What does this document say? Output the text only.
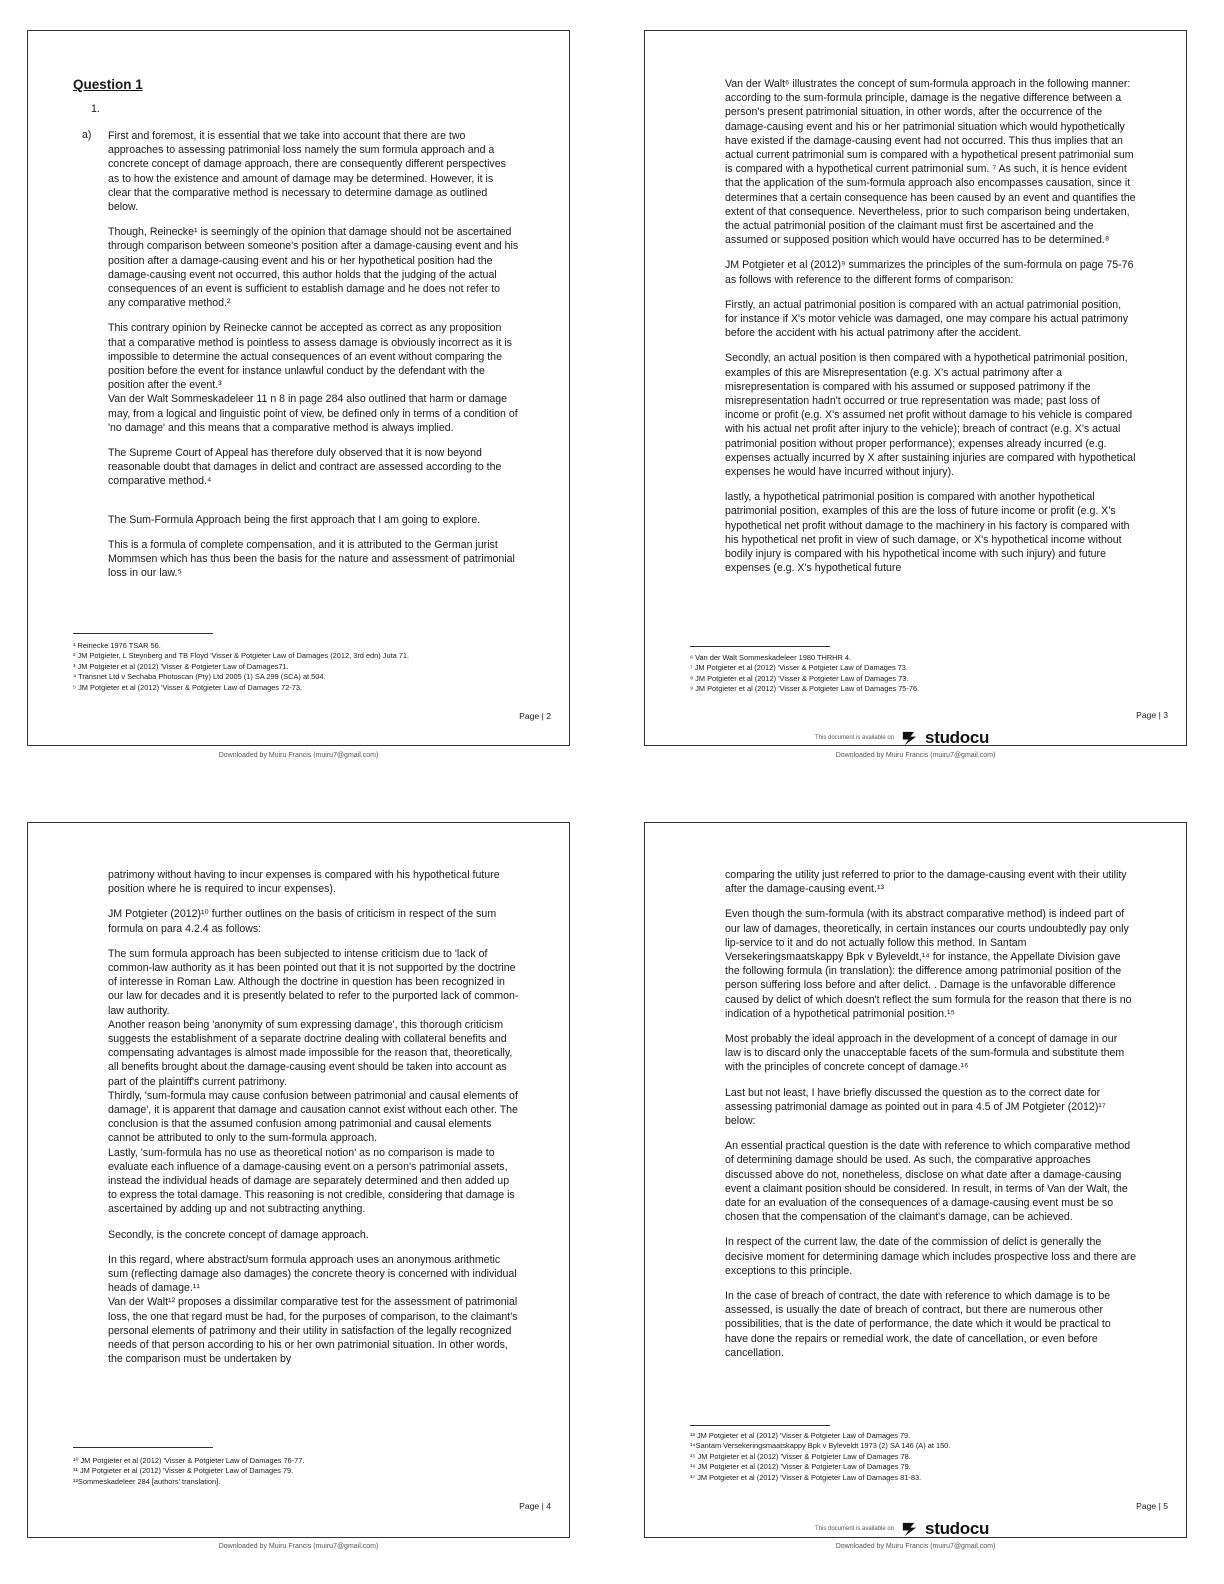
Question 1
1.
a) First and foremost, it is essential that we take into account that there are two approaches to assessing patrimonial loss namely the sum formula approach and a concrete concept of damage approach, there are consequently different perspectives as to how the existence and amount of damage may be determined. However, it is clear that the comparative method is necessary to determine damage as outlined below.

Though, Reinecke¹ is seemingly of the opinion that damage should not be ascertained through comparison between someone's position after a damage-causing event and his position after a damage-causing event and his or her hypothetical position had the damage-causing event not occurred, this author holds that the judging of the actual consequences of an event is sufficient to establish damage and he does not refer to any comparative method.²

This contrary opinion by Reinecke cannot be accepted as correct as any proposition that a comparative method is pointless to assess damage is obviously incorrect as it is impossible to determine the actual consequences of an event without comparing the position before the event for instance unlawful conduct by the defendant with the position after the event.³

Van der Walt Sommeskadeleer 11 n 8 in page 284 also outlined that harm or damage may, from a logical and linguistic point of view, be defined only in terms of a condition of 'no damage' and this means that a comparative method is always implied.

The Supreme Court of Appeal has therefore duly observed that it is now beyond reasonable doubt that damages in delict and contract are assessed according to the comparative method.⁴

The Sum-Formula Approach being the first approach that I am going to explore.

This is a formula of complete compensation, and it is attributed to the German jurist Mommsen which has thus been the basis for the nature and assessment of patrimonial loss in our law.⁵

¹ Reinecke 1976 TSAR 56.
² JM Potgieter, L Steynberg and TB Floyd 'Visser & Potgieter Law of Damages (2012, 3rd edn) Juta 71.
³ JM Potgieter et al (2012) 'Visser & Potgieter Law of Damages71.
⁴ Transnet Ltd v Sechaba Photoscan (Pty) Ltd 2005 (1) SA 299 (SCA) at 504.
⁵ JM Potgieter et al (2012) 'Visser & Potgieter Law of Damages 72-73.
Page | 2
Downloaded by Muiru Francis (muiru7@gmail.com)

Van der Walt⁶ illustrates the concept of sum-formula approach in the following manner: according to the sum-formula principle, damage is the negative difference between a person's present patrimonial situation, in other words, after the occurrence of the damage-causing event and his or her patrimonial situation which would hypothetically have existed if the damage-causing event had not occurred. This thus implies that an actual current patrimonial sum is compared with a hypothetical present patrimonial sum is compared with a hypothetical current patrimonial sum. ⁷ As such, it is hence evident that the application of the sum-formula approach also encompasses causation, since it determines that a certain consequence has been caused by an event and quantifies the extent of that consequence. Nevertheless, prior to such comparison being undertaken, the actual patrimonial position of the claimant must first be ascertained and the assumed or supposed position which would have occurred has to be determined.⁸

JM Potgieter et al (2012)⁹ summarizes the principles of the sum-formula on page 75-76 as follows with reference to the different forms of comparison:

Firstly, an actual patrimonial position is compared with an actual patrimonial position, for instance if X's motor vehicle was damaged, one may compare his actual patrimony before the accident with his actual patrimony after the accident.

Secondly, an actual position is then compared with a hypothetical patrimonial position, examples of this are Misrepresentation (e.g. X's actual patrimony after a misrepresentation is compared with his assumed or supposed patrimony if the misrepresentation hadn't occurred or true representation was made; past loss of income or profit (e.g. X's assumed net profit without damage to his vehicle is compared with his actual net profit after injury to the vehicle); breach of contract (e.g. X's actual patrimonial position without proper performance); expenses already incurred (e.g. expenses actually incurred by X after sustaining injuries are compared with hypothetical expenses he would have incurred without injury).

lastly, a hypothetical patrimonial position is compared with another hypothetical patrimonial position, examples of this are the loss of future income or profit (e.g. X's hypothetical net profit without damage to the machinery in his factory is compared with his hypothetical net profit in view of such damage, or X's hypothetical income without bodily injury is compared with his hypothetical income with such injury) and future expenses (e.g. X's hypothetical future

⁶ Van der Walt Sommeskadeleer 1980 THRHR 4.
⁷ JM Potgieter et al (2012) 'Visser & Potgieter Law of Damages 73.
⁸ JM Potgieter et al (2012) 'Visser & Potgieter Law of Damages 73.
⁹ JM Potgieter et al (2012) 'Visser & Potgieter Law of Damages 75-76.
Page | 3
This document is available on studocu
Downloaded by Muiru Francis (muiru7@gmail.com)

patrimony without having to incur expenses is compared with his hypothetical future position where he is required to incur expenses).

JM Potgieter (2012)¹⁰ further outlines on the basis of criticism in respect of the sum formula on para 4.2.4 as follows:

The sum formula approach has been subjected to intense criticism due to 'lack of common-law authority as it has been pointed out that it is not supported by the doctrine of interesse in Roman Law. Although the doctrine in question has been recognized in our law for decades and it is presently belated to refer to the purported lack of common-law authority.

Another reason being 'anonymity of sum expressing damage', this thorough criticism suggests the establishment of a separate doctrine dealing with collateral benefits and compensating advantages is almost made impossible for the reason that, theoretically, all benefits brought about the damage-causing event should be taken into account as part of the plaintiff's current patrimony.

Thirdly, 'sum-formula may cause confusion between patrimonial and causal elements of damage', it is apparent that damage and causation cannot exist without each other. The conclusion is that the assumed confusion among patrimonial and causal elements cannot be attributed to only to the sum-formula approach.

Lastly, 'sum-formula has no use as theoretical notion' as no comparison is made to evaluate each influence of a damage-causing event on a person's patrimonial assets, instead the individual heads of damage are separately determined and then added up to express the total damage. This reasoning is not credible, considering that damage is ascertained by adding up and not subtracting anything.

Secondly, is the concrete concept of damage approach.

In this regard, where abstract/sum formula approach uses an anonymous arithmetic sum (reflecting damage also damages) the concrete theory is concerned with individual heads of damage.¹¹

Van der Walt¹² proposes a dissimilar comparative test for the assessment of patrimonial loss, the one that regard must be had, for the purposes of comparison, to the claimant's personal elements of patrimony and their utility in satisfaction of the legally recognized needs of that person according to his or her own patrimonial situation. In other words, the comparison must be undertaken by

¹⁰ JM Potgieter et al (2012) 'Visser & Potgieter Law of Damages 76-77.
¹¹ JM Potgieter et al (2012) 'Visser & Potgieter Law of Damages 79.
¹²Sommeskadeleer 284 [authors' translation].
Page | 4
Downloaded by Muiru Francis (muiru7@gmail.com)

comparing the utility just referred to prior to the damage-causing event with their utility after the damage-causing event.¹³

Even though the sum-formula (with its abstract comparative method) is indeed part of our law of damages, theoretically, in certain instances our courts undoubtedly pay only lip-service to it and do not actually follow this method. In Santam Versekeringsmaatskappy Bpk v Byleveldt,¹⁴ for instance, the Appellate Division gave the following formula (in translation): the difference among patrimonial position of the person suffering loss before and after delict. . Damage is the unfavorable difference caused by delict of which doesn't reflect the sum formula for the reason that there is no indication of a hypothetical patrimonial position.¹⁵

Most probably the ideal approach in the development of a concept of damage in our law is to discard only the unacceptable facets of the sum-formula and substitute them with the principles of concrete concept of damage.¹⁶

Last but not least, I have briefly discussed the question as to the correct date for assessing patrimonial damage as pointed out in para 4.5 of JM Potgieter (2012)¹⁷ below:

An essential practical question is the date with reference to which comparative method of determining damage should be used. As such, the comparative approaches discussed above do not, nonetheless, disclose on what date after a damage-causing event a claimant position should be considered. In result, in terms of Van der Walt, the date for an evaluation of the consequences of a damage-causing event must be so chosen that the compensation of the claimant's damage, can be achieved.

In respect of the current law, the date of the commission of delict is generally the decisive moment for determining damage which includes prospective loss and there are exceptions to this principle.

In the case of breach of contract, the date with reference to which damage is to be assessed, is usually the date of breach of contract, but there are numerous other possibilities, that is the date of performance, the date which it would be practical to have done the repairs or remedial work, the date of cancellation, or even before cancellation.

¹³ JM Potgieter et al (2012) 'Visser & Potgieter Law of Damages 79.
¹⁴Santam Versekeringsmaatskappy Bpk v Byleveldt 1973 (2) SA 146 (A) at 150.
¹⁵ JM Potgieter et al (2012) 'Visser & Potgieter Law of Damages 78.
¹⁶ JM Potgieter et al (2012) 'Visser & Potgieter Law of Damages 79.
¹⁷ JM Potgieter et al (2012) 'Visser & Potgieter Law of Damages 81-83.
Page | 5
This document is available on studocu
Downloaded by Muiru Francis (muiru7@gmail.com)
